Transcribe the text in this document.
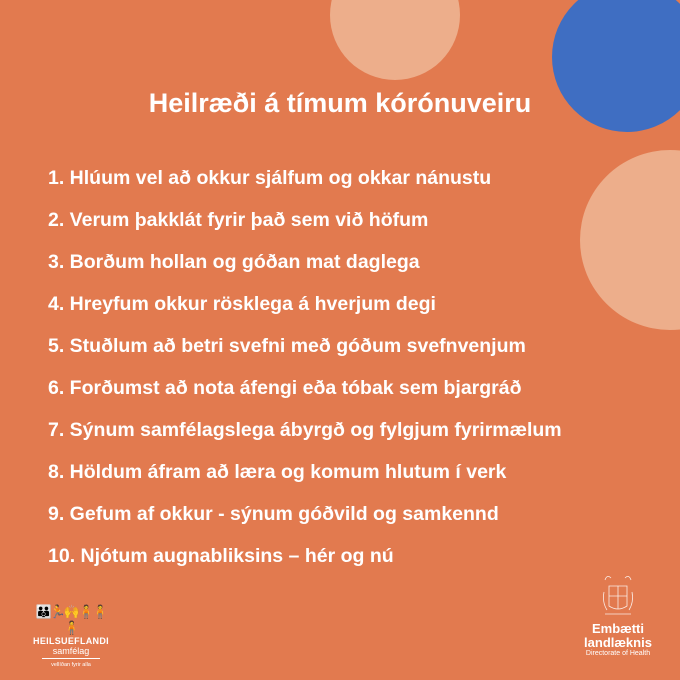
Heilræði á tímum kórónuveiru
1. Hlúum vel að okkur sjálfum og okkar nánustu
2. Verum þakklát fyrir það sem við höfum
3. Borðum hollan og góðan mat daglega
4. Hreyfum okkur rösklega á hverjum degi
5. Stuðlum að betri svefni með góðum svefnvenjum
6. Forðumst að nota áfengi eða tóbak sem bjargráð
7. Sýnum samfélagslega ábyrgð og fylgjum fyrirmælum
8. Höldum áfram að læra og komum hlutum í verk
9. Gefum af okkur - sýnum góðvild og samkennd
10. Njótum augnabliksins – hér og nú
👪🏃🙌🧍🧍🧍
HEILSUEFLANDI
samfélag
vellíðan fyrir alla
Embætti
landlæknis
Directorate of Health
